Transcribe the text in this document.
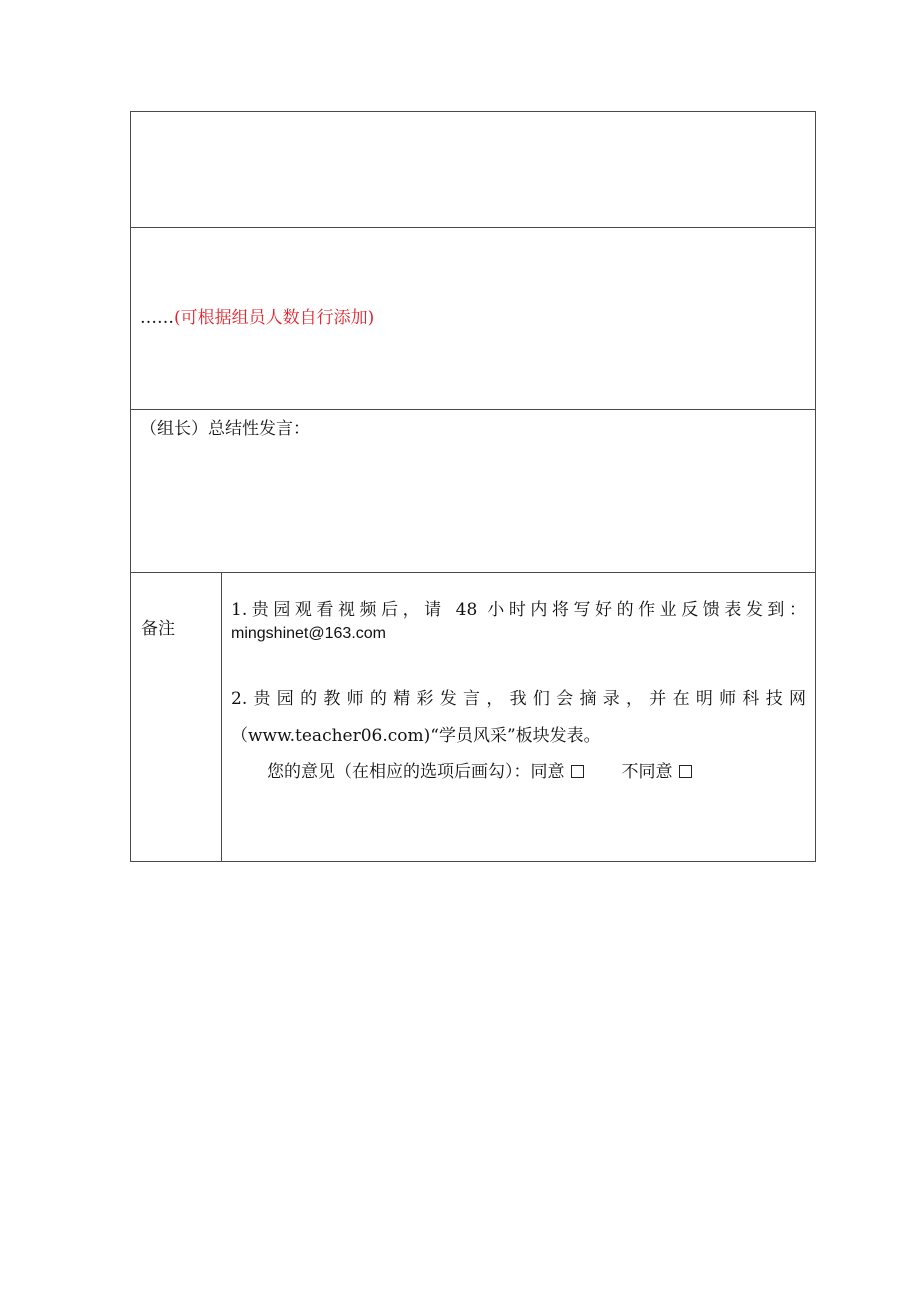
……(可根据组员人数自行添加)
（组长）总结性发言：
备注
1.贵园观看视频后，请 48 小时内将写好的作业反馈表发到：
mingshinet@163.com
2.贵园的教师的精彩发言，我们会摘录，并在明师科技网
（www.teacher06.com)“学员风采”板块发表。
您的意见（在相应的选项后画勾）：同意	不同意
